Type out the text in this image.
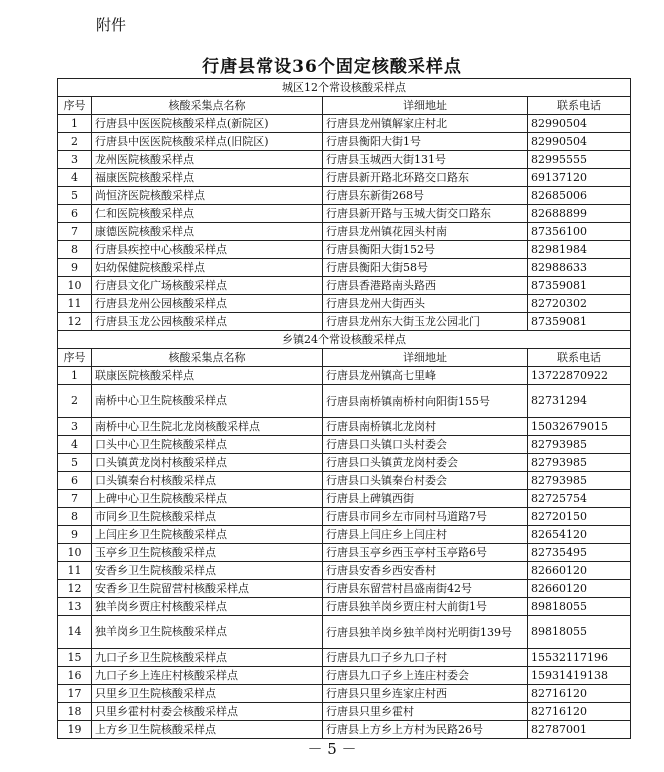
附件
行唐县常设36个固定核酸采样点
城区12个常设核酸采样点			
序号	核酸采集点名称	详细地址	联系电话
1	行唐县中医医院核酸采样点(新院区)	行唐县龙州镇解家庄村北	82990504
2	行唐县中医医院核酸采样点(旧院区)	行唐县衡阳大街1号	82990504
3	龙州医院核酸采样点	行唐县玉城西大街131号	82995555
4	福康医院核酸采样点	行唐县新开路北环路交口路东	69137120
5	尚恒济医院核酸采样点	行唐县东新街268号	82685006
6	仁和医院核酸采样点	行唐县新开路与玉城大街交口路东	82688899
7	康德医院核酸采样点	行唐县龙州镇花园头村南	87356100
8	行唐县疾控中心核酸采样点	行唐县衡阳大街152号	82981984
9	妇幼保健院核酸采样点	行唐县衡阳大街58号	82988633
10	行唐县文化广场核酸采样点	行唐县香港路南头路西	87359081
11	行唐县龙州公园核酸采样点	行唐县龙州大街西头	82720302
12	行唐县玉龙公园核酸采样点	行唐县龙州东大街玉龙公园北门	87359081
乡镇24个常设核酸采样点			
序号	核酸采集点名称	详细地址	联系电话
1	联康医院核酸采样点	行唐县龙州镇高七里峰	13722870922
2	南桥中心卫生院核酸采样点	行唐县南桥镇南桥村向阳街155号	82731294
3	南桥中心卫生院北龙岗核酸采样点	行唐县南桥镇北龙岗村	15032679015
4	口头中心卫生院核酸采样点	行唐县口头镇口头村委会	82793985
5	口头镇黄龙岗村核酸采样点	行唐县口头镇黄龙岗村委会	82793985
6	口头镇秦台村核酸采样点	行唐县口头镇秦台村委会	82793985
7	上碑中心卫生院核酸采样点	行唐县上碑镇西街	82725754
8	市同乡卫生院核酸采样点	行唐县市同乡左市同村马道路7号	82720150
9	上闫庄乡卫生院核酸采样点	行唐县上闫庄乡上闫庄村	82654120
10	玉亭乡卫生院核酸采样点	行唐县玉亭乡西玉亭村玉亭路6号	82735495
11	安香乡卫生院核酸采样点	行唐县安香乡西安香村	82660120
12	安香乡卫生院留营村核酸采样点	行唐县东留营村昌盛南街42号	82660120
13	独羊岗乡贾庄村核酸采样点	行唐县独羊岗乡贾庄村大前街1号	89818055
14	独羊岗乡卫生院核酸采样点	行唐县独羊岗乡独羊岗村光明街139号	89818055
15	九口子乡卫生院核酸采样点	行唐县九口子乡九口子村	15532117196
16	九口子乡上连庄村核酸采样点	行唐县九口子乡上连庄村委会	15931419138
17	只里乡卫生院核酸采样点	行唐县只里乡连家庄村西	82716120
18	只里乡霍村村委会核酸采样点	行唐县只里乡霍村	82716120
19	上方乡卫生院核酸采样点	行唐县上方乡上方村为民路26号	82787001
－ 5 －
